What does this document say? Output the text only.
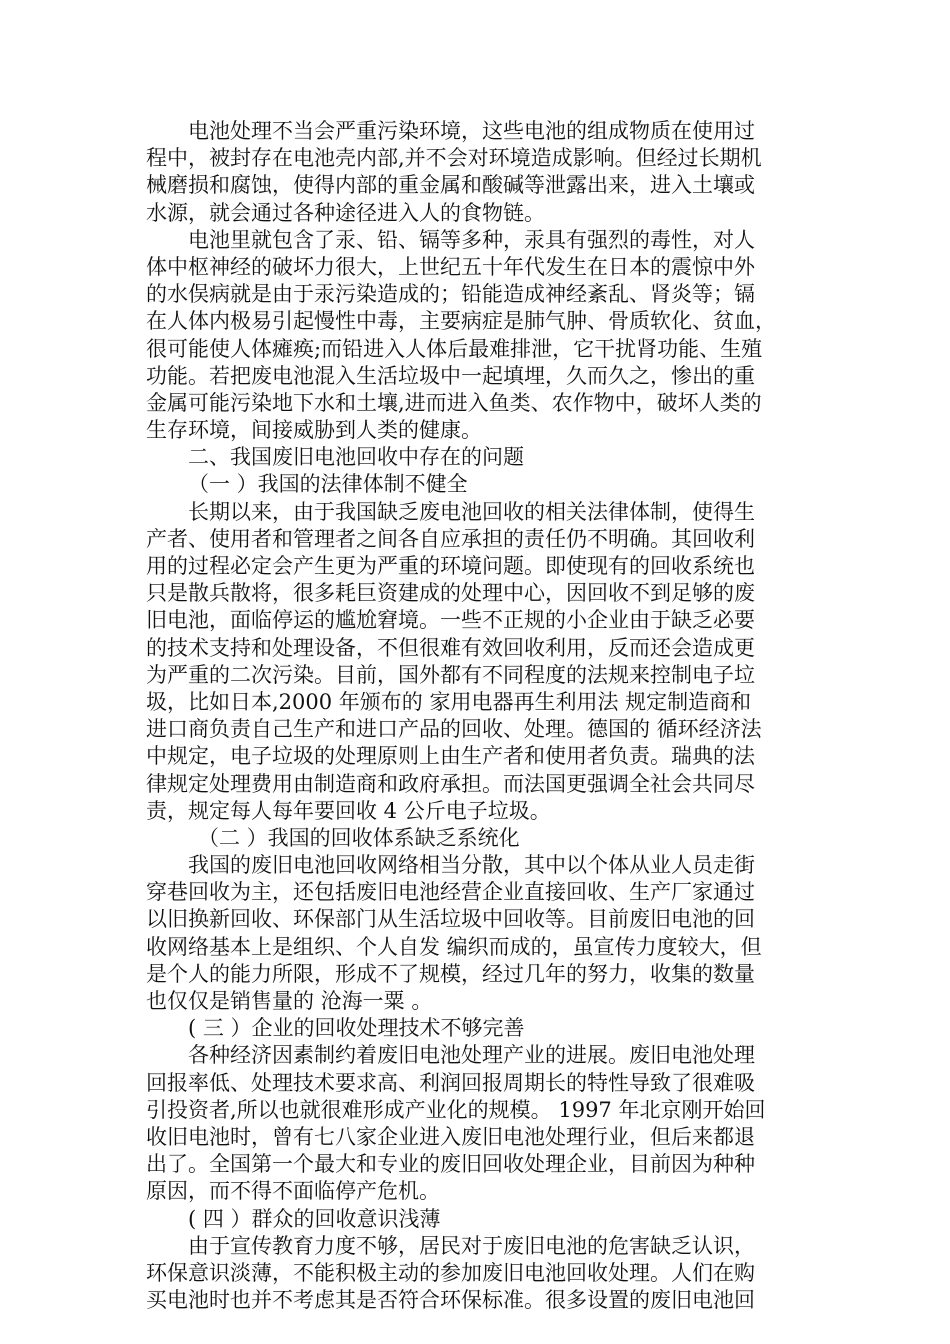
电池处理不当会严重污染环境，这些电池的组成物质在使用过
程中，被封存在电池壳内部,并不会对环境造成影响。但经过长期机
械磨损和腐蚀，使得内部的重金属和酸碱等泄露出来，进入土壤或
水源，就会通过各种途径进入人的食物链。
电池里就包含了汞、铅、镉等多种，汞具有强烈的毒性，对人
体中枢神经的破坏力很大，上世纪五十年代发生在日本的震惊中外
的水俣病就是由于汞污染造成的；铅能造成神经紊乱、肾炎等；镉
在人体内极易引起慢性中毒，主要病症是肺气肿、骨质软化、贫血，
很可能使人体瘫痪;而铅进入人体后最难排泄，它干扰肾功能、生殖
功能。若把废电池混入生活垃圾中一起填埋，久而久之，惨出的重
金属可能污染地下水和土壤,进而进入鱼类、农作物中，破坏人类的
生存环境，间接威胁到人类的健康。
二、我国废旧电池回收中存在的问题
（一 ）我国的法律体制不健全
长期以来，由于我国缺乏废电池回收的相关法律体制，使得生
产者、使用者和管理者之间各自应承担的责任仍不明确。其回收利
用的过程必定会产生更为严重的环境问题。即使现有的回收系统也
只是散兵散将，很多耗巨资建成的处理中心，因回收不到足够的废
旧电池，面临停运的尴尬窘境。一些不正规的小企业由于缺乏必要
的技术支持和处理设备，不但很难有效回收利用，反而还会造成更
为严重的二次污染。目前，国外都有不同程度的法规来控制电子垃
圾，比如日本,2000 年颁布的 家用电器再生利用法 规定制造商和
进口商负责自己生产和进口产品的回收、处理。德国的 循环经济法
中规定，电子垃圾的处理原则上由生产者和使用者负责。瑞典的法
律规定处理费用由制造商和政府承担。而法国更强调全社会共同尽
责，规定每人每年要回收 4 公斤电子垃圾。
（二 ）我国的回收体系缺乏系统化
我国的废旧电池回收网络相当分散，其中以个体从业人员走街
穿巷回收为主，还包括废旧电池经营企业直接回收、生产厂家通过
以旧换新回收、环保部门从生活垃圾中回收等。目前废旧电池的回
收网络基本上是组织、个人自发 编织而成的，虽宣传力度较大，但
是个人的能力所限，形成不了规模，经过几年的努力，收集的数量
也仅仅是销售量的 沧海一粟 。
( 三 ）企业的回收处理技术不够完善
各种经济因素制约着废旧电池处理产业的进展。废旧电池处理
回报率低、处理技术要求高、利润回报周期长的特性导致了很难吸
引投资者,所以也就很难形成产业化的规模。 1997 年北京刚开始回
收旧电池时，曾有七八家企业进入废旧电池处理行业，但后来都退
出了。全国第一个最大和专业的废旧回收处理企业，目前因为种种
原因，而不得不面临停产危机。
( 四 ）群众的回收意识浅薄
由于宣传教育力度不够，居民对于废旧电池的危害缺乏认识，
环保意识淡薄，不能积极主动的参加废旧电池回收处理。人们在购
买电池时也并不考虑其是否符合环保标准。很多设置的废旧电池回
